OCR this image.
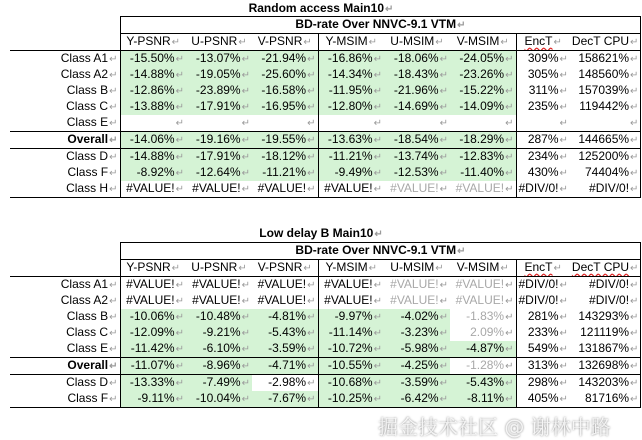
Random access Main10↵
	BD-rate Over NNVC-9.1 VTM↵							
	Y-PSNR↵	U-PSNR↵	V-PSNR↵	Y-MSIM↵	U-MSIM↵	V-MSIM↵	EncT↵	DecT CPU↵
Class A1↵	-15.50%↵	-13.07%↵	-21.94%↵	-16.86%↵	-18.06%↵	-24.05%↵	309%↵	158621%↵
Class A2↵	-14.88%↵	-19.05%↵	-25.60%↵	-14.34%↵	-18.43%↵	-23.26%↵	305%↵	148560%↵
Class B↵	-12.86%↵	-23.89%↵	-16.58%↵	-11.95%↵	-21.96%↵	-15.22%↵	311%↵	157039%↵
Class C↵	-13.88%↵	-17.91%↵	-16.95%↵	-12.80%↵	-14.69%↵	-14.09%↵	235%↵	119442%↵
Class E↵	↵	↵	↵	↵	↵	↵	↵	↵
Overall↵	-14.06%↵	-19.16%↵	-19.55%↵	-13.63%↵	-18.54%↵	-18.29%↵	287%↵	144665%↵
Class D↵	-14.88%↵	-17.91%↵	-18.12%↵	-11.21%↵	-13.74%↵	-12.83%↵	234%↵	125200%↵
Class F↵	-8.92%↵	-12.64%↵	-11.21%↵	-9.49%↵	-12.53%↵	-11.40%↵	430%↵	74404%↵
Class H↵	#VALUE!↵	#VALUE!↵	#VALUE!↵	#VALUE!↵	#VALUE!↵	#VALUE!↵	#DIV/0!↵	#DIV/0!↵
Low delay B Main10↵
	BD-rate Over NNVC-9.1 VTM↵							
	Y-PSNR↵	U-PSNR↵	V-PSNR↵	Y-MSIM↵	U-MSIM↵	V-MSIM↵	EncT↵	DecT CPU↵
Class A1↵	#VALUE!↵	#VALUE!↵	#VALUE!↵	#VALUE!↵	#VALUE!↵	#VALUE!↵	#DIV/0!↵	#DIV/0!↵
Class A2↵	#VALUE!↵	#VALUE!↵	#VALUE!↵	#VALUE!↵	#VALUE!↵	#VALUE!↵	#DIV/0!↵	#DIV/0!↵
Class B↵	-10.06%↵	-10.48%↵	-4.81%↵	-9.97%↵	-4.02%↵	-1.83%↵	281%↵	143293%↵
Class C↵	-12.09%↵	-9.21%↵	-5.43%↵	-11.14%↵	-3.23%↵	2.09%↵	233%↵	121119%↵
Class E↵	-11.42%↵	-6.10%↵	-3.59%↵	-10.72%↵	-5.98%↵	-4.87%↵	549%↵	131867%↵
Overall↵	-11.07%↵	-8.96%↵	-4.71%↵	-10.55%↵	-4.25%↵	-1.28%↵	313%↵	132698%↵
Class D↵	-13.33%↵	-7.49%↵	-2.98%↵	-10.68%↵	-3.59%↵	-5.43%↵	298%↵	143203%↵
Class F↵	-9.11%↵	-10.04%↵	-7.67%↵	-10.25%↵	-6.42%↵	-8.11%↵	405%↵	81716%↵
掘金技术社区 @ 谢林中路
